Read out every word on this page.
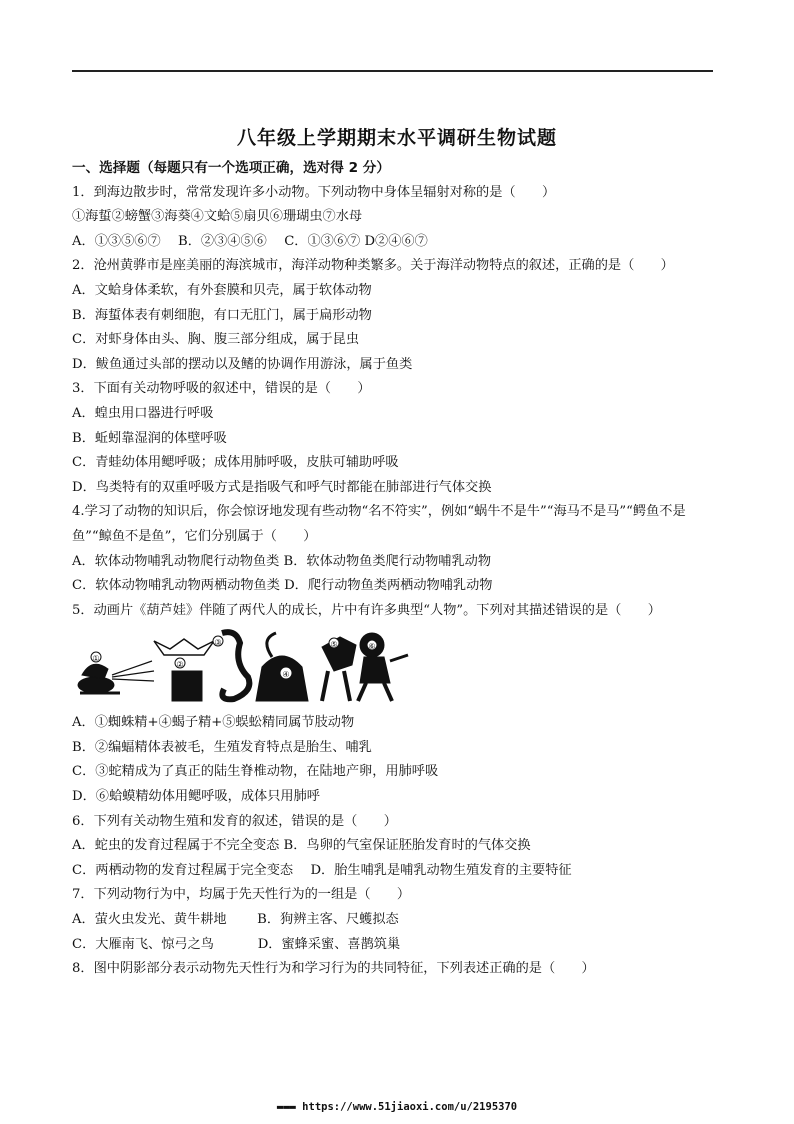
八年级上学期期末水平调研生物试题
一、选择题（每题只有一个选项正确，选对得 2 分）
1．到海边散步时，常常发现许多小动物。下列动物中身体呈辐射对称的是（　　）
①海蜇②螃蟹③海葵④文蛤⑤扇贝⑥珊瑚虫⑦水母
A．①③⑤⑥⑦　 B．②③④⑤⑥　 C．①③⑥⑦ D②④⑥⑦
2．沧州黄骅市是座美丽的海滨城市，海洋动物种类繁多。关于海洋动物特点的叙述，正确的是（　　）
A．文蛤身体柔软，有外套膜和贝壳，属于软体动物
B．海蜇体表有刺细胞，有口无肛门，属于扁形动物
C．对虾身体由头、胸、腹三部分组成，属于昆虫
D．鲅鱼通过头部的摆动以及鳍的协调作用游泳，属于鱼类
3．下面有关动物呼吸的叙述中，错误的是（　　）
A．蝗虫用口器进行呼吸
B．蚯蚓靠湿润的体壁呼吸
C．青蛙幼体用鳃呼吸；成体用肺呼吸，皮肤可辅助呼吸
D．鸟类特有的双重呼吸方式是指吸气和呼气时都能在肺部进行气体交换
4.学习了动物的知识后，你会惊讶地发现有些动物“名不符实”，例如“蜗牛不是牛”“海马不是马”“鳄鱼不是鱼”“鲸鱼不是鱼”，它们分别属于（　　）
A．软体动物哺乳动物爬行动物鱼类 B．软体动物鱼类爬行动物哺乳动物
C．软体动物哺乳动物两栖动物鱼类 D．爬行动物鱼类两栖动物哺乳动物
5．动画片《葫芦娃》伴随了两代人的成长，片中有许多典型“人物”。下列对其描述错误的是（　　）
①
②
③
④
⑤	⑥
A．①蜘蛛精+④蝎子精+⑤蜈蚣精同属节肢动物
B．②编蝠精体表被毛，生殖发育特点是胎生、哺乳
C．③蛇精成为了真正的陆生脊椎动物，在陆地产卵，用肺呼吸
D．⑥蛤蟆精幼体用鳃呼吸，成体只用肺呼
6．下列有关动物生殖和发育的叙述，错误的是（　　）
A．蛇虫的发育过程属于不完全变态 B．鸟卵的气室保证胚胎发育时的气体交换
C．两栖动物的发育过程属于完全变态　 D．胎生哺乳是哺乳动物生殖发育的主要特征
7．下列动物行为中，均属于先天性行为的一组是（　　）
A．萤火虫发光、黄牛耕地　　 B．狗辨主客、尺蠖拟态
C．大雁南飞、惊弓之鸟　　　 D．蜜蜂采蜜、喜鹊筑巢
8．图中阴影部分表示动物先天性行为和学习行为的共同特征，下列表述正确的是（　　）
▬▬▬ https://www.51jiaoxi.com/u/2195370
